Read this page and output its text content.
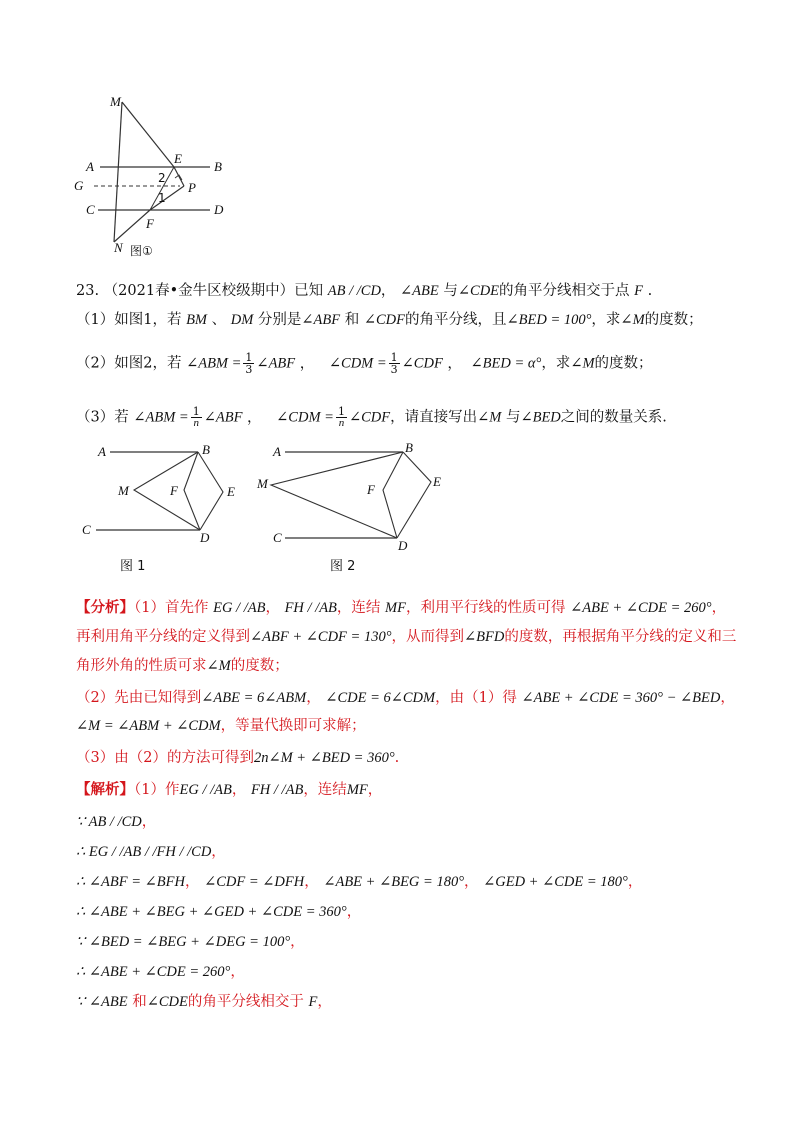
M
A
E
B
G	2
1
P
C	D
F
N 图①
23. （2021春•金牛区校级期中）已知 AB / /CD， ∠ABE 与∠CDE的角平分线相交于点 F .
（1）如图1，若 BM 、 DM 分别是∠ABF 和 ∠CDF的角平分线，且∠BED = 100°，求∠M的度数；
（2）如图2，若 ∠ABM = $\frac{1}{3}$ ∠ABF ， ∠CDM = $\frac{1}{3}$ ∠CDF ， ∠BED = α°，求∠M的度数；
（3）若 ∠ABM = $\frac{1}{n}$ ∠ABF ， ∠CDM = $\frac{1}{n}$ ∠CDF，请直接写出∠M 与∠BED之间的数量关系.
A	B
M	F	E
C
D
图 1
A	B
M	F
E
C
D
图 2
【分析】（1）首先作 EG / /AB， FH / /AB，连结 MF，利用平行线的性质可得 ∠ABE + ∠CDE = 260°，
再利用角平分线的定义得到∠ABF + ∠CDF = 130°，从而得到∠BFD的度数，再根据角平分线的定义和三
角形外角的性质可求∠M的度数；
（2）先由已知得到∠ABE = 6∠ABM， ∠CDE = 6∠CDM，由（1）得 ∠ABE + ∠CDE = 360° − ∠BED，
∠M = ∠ABM + ∠CDM，等量代换即可求解；
（3）由（2）的方法可得到2n∠M + ∠BED = 360°.
【解析】（1）作EG / /AB， FH / /AB，连结MF，
∵ AB / /CD，
∴ EG / /AB / /FH / /CD，
∴ ∠ABF = ∠BFH， ∠CDF = ∠DFH， ∠ABE + ∠BEG = 180°， ∠GED + ∠CDE = 180°，
∴ ∠ABE + ∠BEG + ∠GED + ∠CDE = 360°，
∵ ∠BED = ∠BEG + ∠DEG = 100°，
∴ ∠ABE + ∠CDE = 260°，
∵ ∠ABE 和∠CDE的角平分线相交于 F，
